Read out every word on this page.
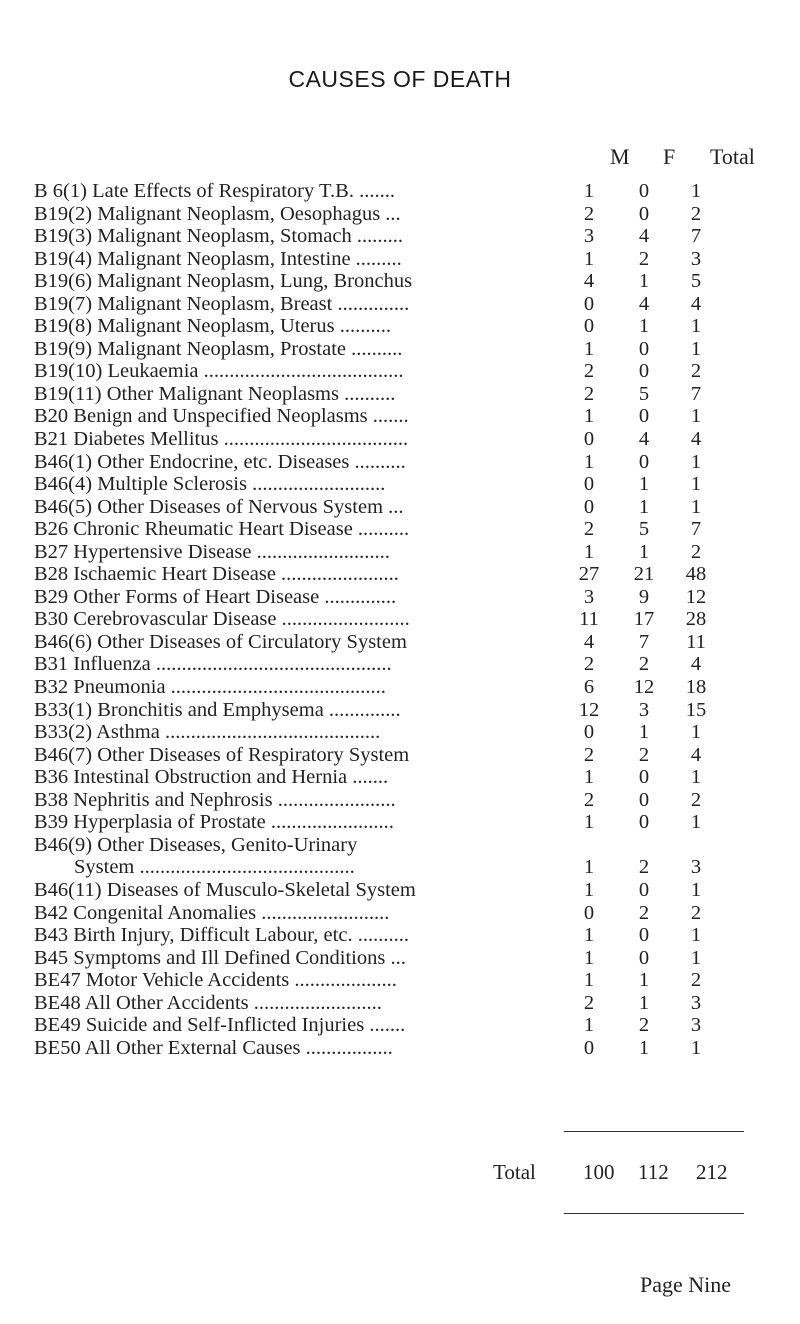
CAUSES OF DEATH
M F Total
B 6(1) Late Effects of Respiratory T.B. .......	1	0	1
B19(2) Malignant Neoplasm, Oesophagus ...	2	0	2
B19(3) Malignant Neoplasm, Stomach .........	3	4	7
B19(4) Malignant Neoplasm, Intestine .........	1	2	3
B19(6) Malignant Neoplasm, Lung, Bronchus	4	1	5
B19(7) Malignant Neoplasm, Breast ..............	0	4	4
B19(8) Malignant Neoplasm, Uterus ..........	0	1	1
B19(9) Malignant Neoplasm, Prostate ..........	1	0	1
B19(10) Leukaemia .......................................	2	0	2
B19(11) Other Malignant Neoplasms ..........	2	5	7
B20 Benign and Unspecified Neoplasms .......	1	0	1
B21 Diabetes Mellitus ....................................	0	4	4
B46(1) Other Endocrine, etc. Diseases ..........	1	0	1
B46(4) Multiple Sclerosis ..........................	0	1	1
B46(5) Other Diseases of Nervous System ...	0	1	1
B26 Chronic Rheumatic Heart Disease ..........	2	5	7
B27 Hypertensive Disease ..........................	1	1	2
B28 Ischaemic Heart Disease .......................	27	21	48
B29 Other Forms of Heart Disease ..............	3	9	12
B30 Cerebrovascular Disease .........................	11	17	28
B46(6) Other Diseases of Circulatory System	4	7	11
B31 Influenza ..............................................	2	2	4
B32 Pneumonia ..........................................	6	12	18
B33(1) Bronchitis and Emphysema ..............	12	3	15
B33(2) Asthma ..........................................	0	1	1
B46(7) Other Diseases of Respiratory System	2	2	4
B36 Intestinal Obstruction and Hernia .......	1	0	1
B38 Nephritis and Nephrosis .......................	2	0	2
B39 Hyperplasia of Prostate ........................	1	0	1
B46(9) Other Diseases, Genito-Urinary
System ..........................................	1	2	3
B46(11) Diseases of Musculo-Skeletal System	1	0	1
B42 Congenital Anomalies .........................	0	2	2
B43 Birth Injury, Difficult Labour, etc. ..........	1	0	1
B45 Symptoms and Ill Defined Conditions ...	1	0	1
BE47 Motor Vehicle Accidents ....................	1	1	2
BE48 All Other Accidents .........................	2	1	3
BE49 Suicide and Self-Inflicted Injuries .......	1	2	3
BE50 All Other External Causes .................	0	1	1
Total 100 112 212
Page Nine
